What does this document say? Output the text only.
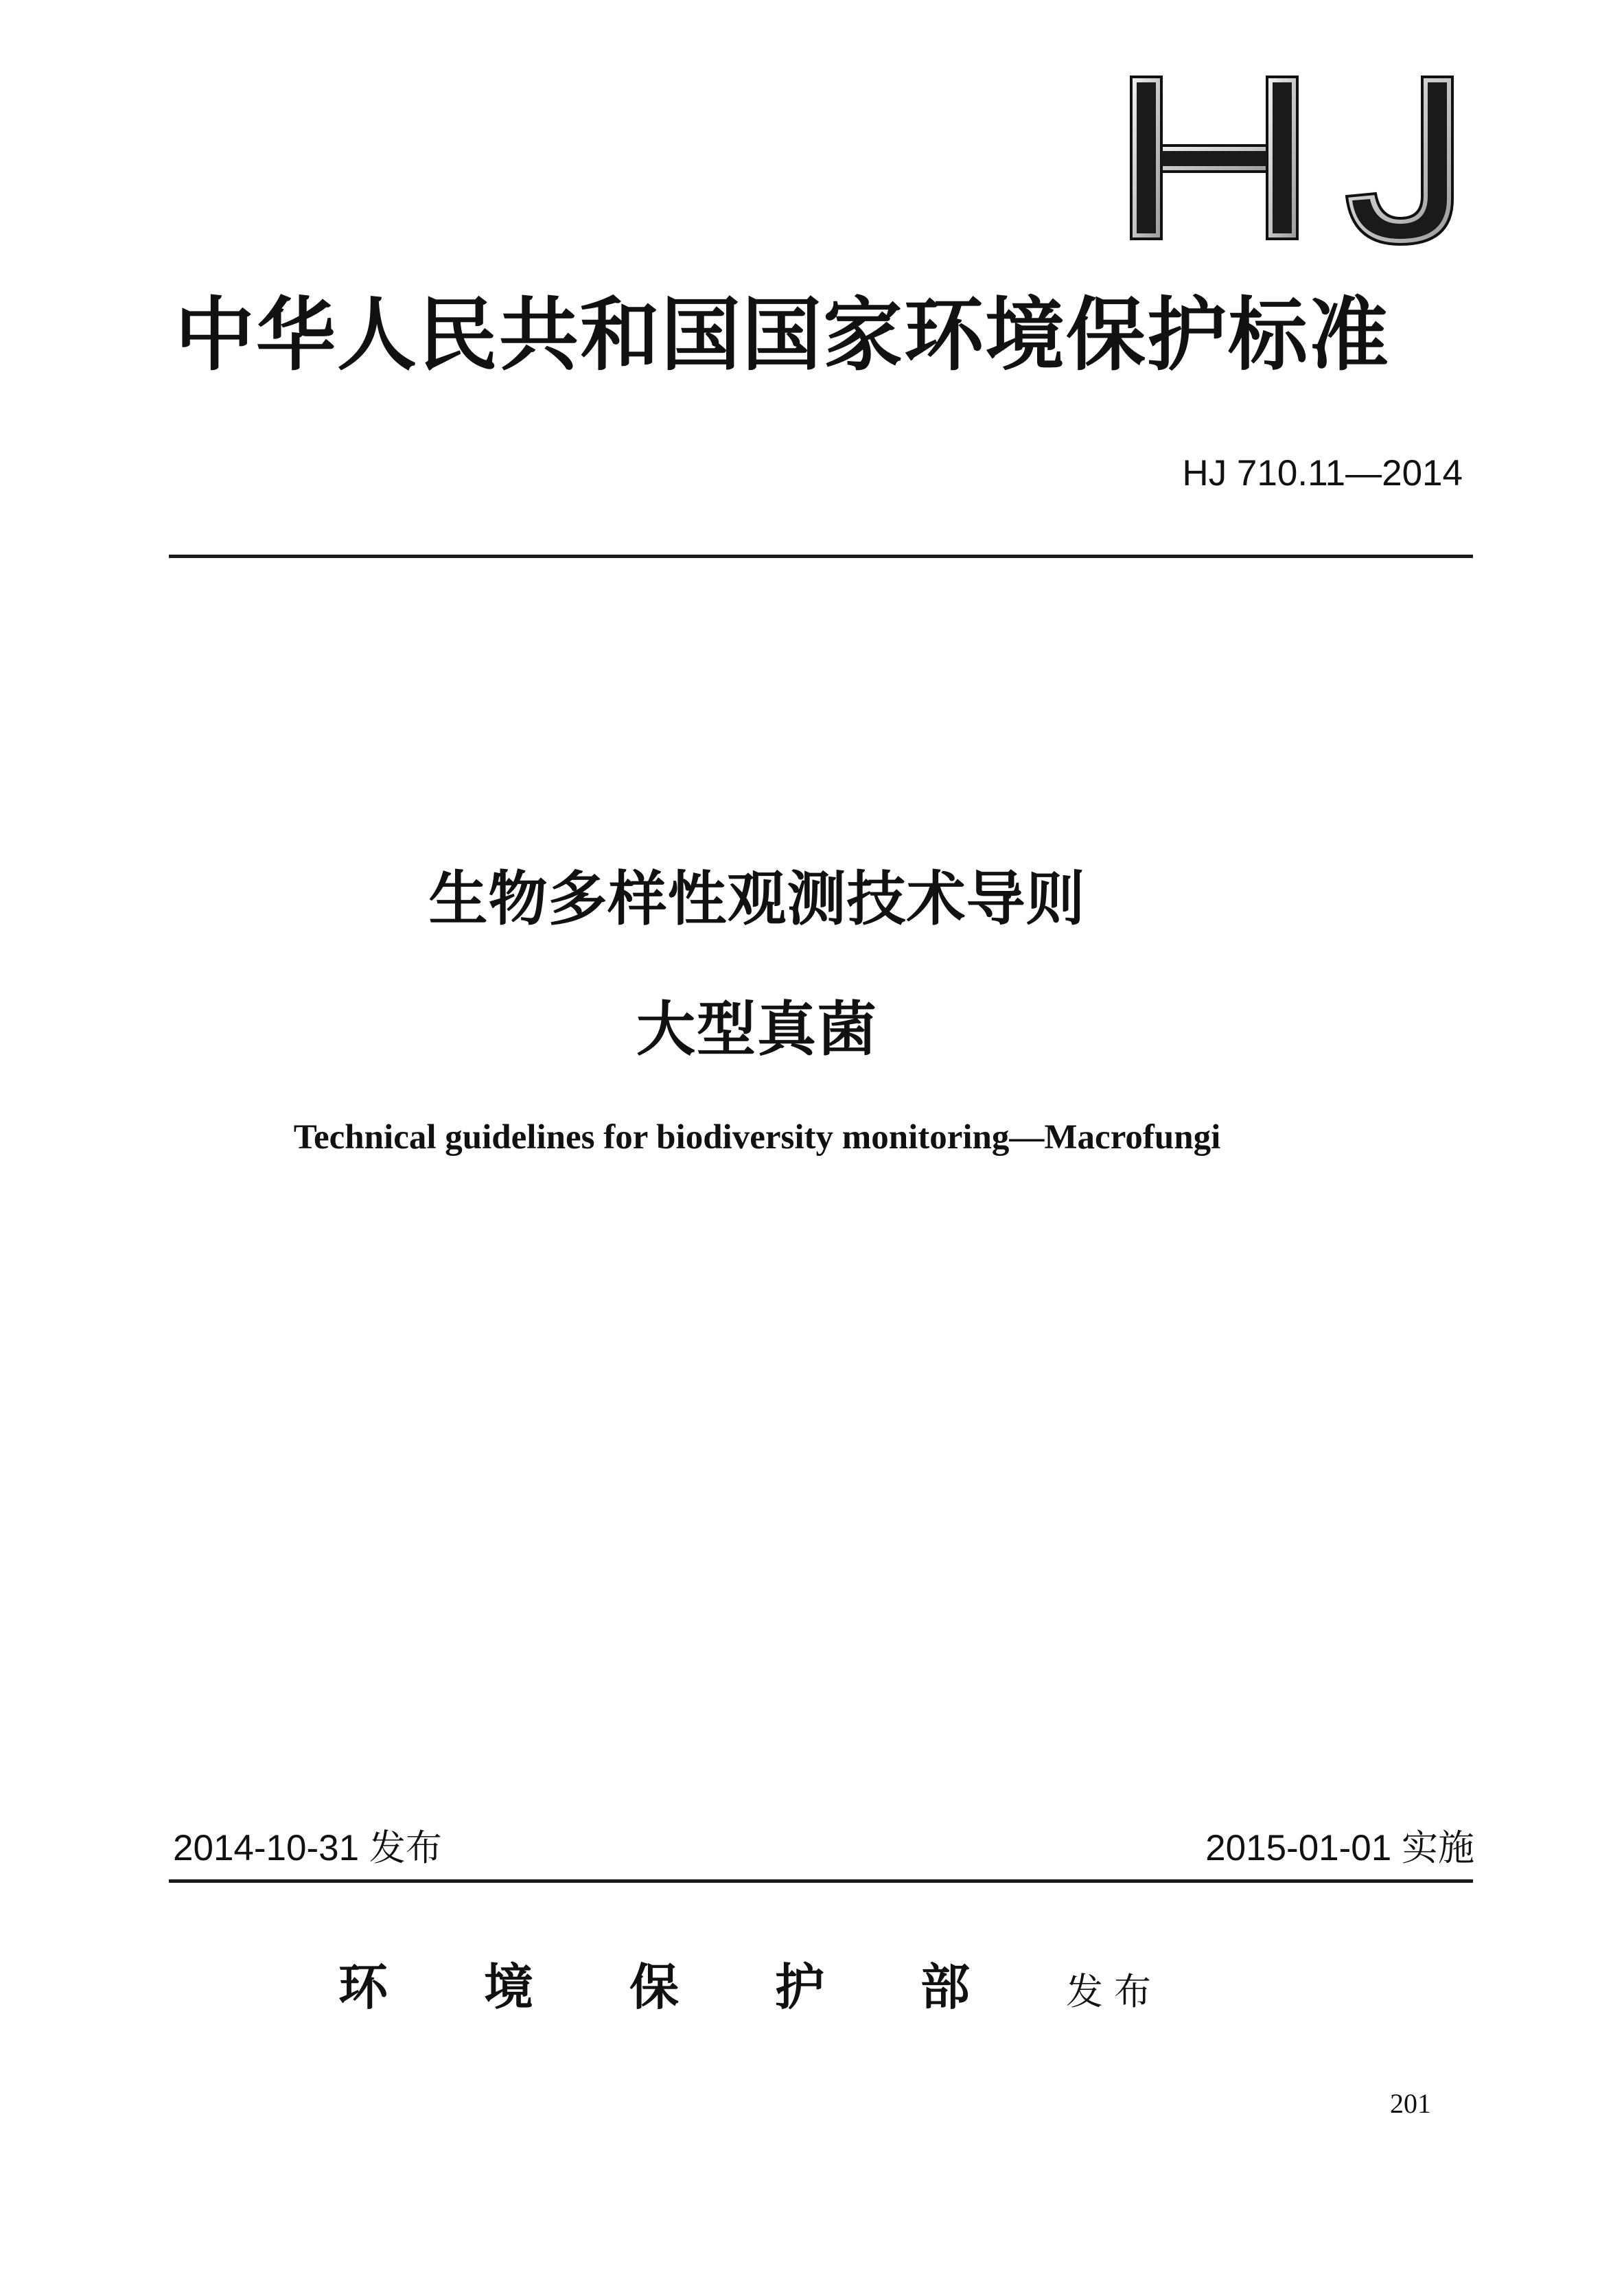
中华人民共和国国家环境保护标准
HJ 710.11—2014
生物多样性观测技术导则
大型真菌
Technical guidelines for biodiversity monitoring—Macrofungi
2014-10-31 发布	2015-01-01 实施
环境保护部发布
201
